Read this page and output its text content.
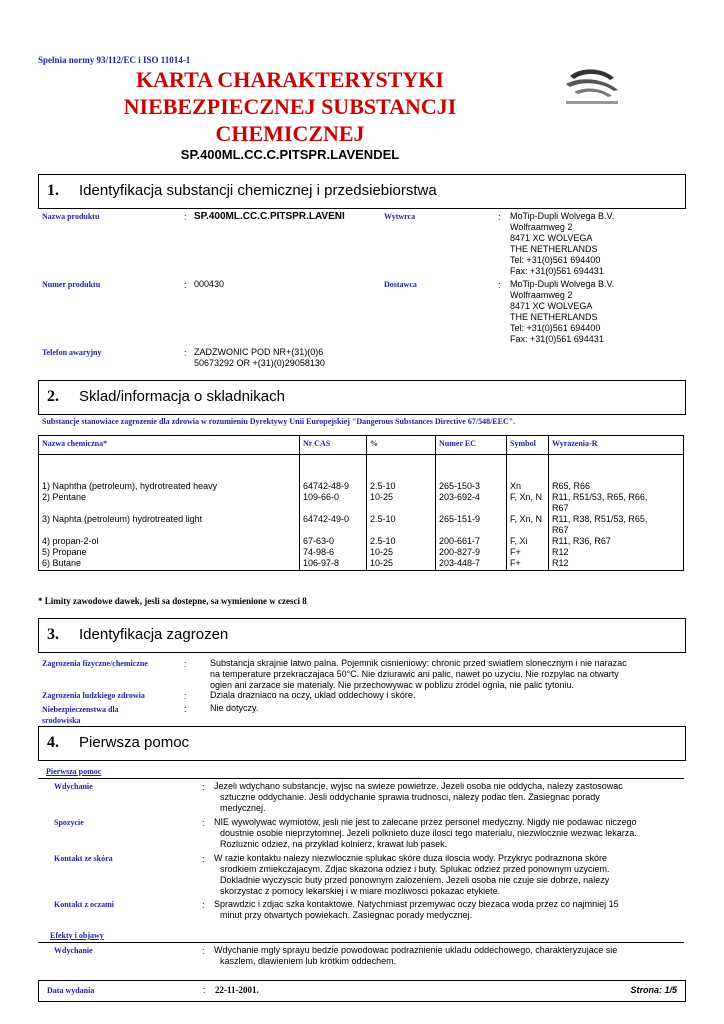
Spelnia normy 93/112/EC i ISO 11014-1
KARTA CHARAKTERYSTYKI
NIEBEZPIECZNEJ SUBSTANCJI
CHEMICZNEJ
SP.400ML.CC.C.PITSPR.LAVENDEL
1. Identyfikacja substancji chemicznej i przedsiebiorstwa
Nazwa produktu	: SP.400ML.CC.C.PITSPR.LAVENI	Wytwrca	: MoTip-Dupli Wolvega B.V.
Wolfraamweg 2
8471 XC WOLVEGA
THE NETHERLANDS
Tel: +31(0)561 694400
Fax: +31(0)561 694431
Numer produktu	: 000430	Dostawca	: MoTip-Dupli Wolvega B.V.
Wolfraamweg 2
8471 XC WOLVEGA
THE NETHERLANDS
Tel: +31(0)561 694400
Fax: +31(0)561 694431
Telefon awaryjny	: ZADZWONIC POD NR+(31)(0)6
50673292 OR +(31)(0)29058130
2. Sklad/informacja o skladnikach
Substancje stanowiace zagrozenie dla zdrowia w rozumieniu Dyrektywy Unii Europejskiej "Dangerous Substances Directive 67/548/EEC".
Nazwa chemiczna*	Nr CAS	%	Numer EC	Symbol	Wyrazenia-R

1) Naphtha (petroleum), hydrotreated heavy	64742-48-9	2.5-10	265-150-3	Xn	R65, R66
2) Pentane	109-66-0	10-25	203-692-4	F, Xn, N	R11, R51/53, R65, R66,
R67

3) Naphta (petroleum) hydrotreated light	64742-49-0	2.5-10	265-151-9	F, Xn, N	R11, R38, R51/53, R65,
R67

4) propan-2-ol	67-63-0	2.5-10	200-661-7	F, Xi	R11, R36, R67
5) Propane	74-98-6	10-25	200-827-9	F+	R12
6) Butane	106-97-8	10-25	203-448-7	F+	R12
* Limity zawodowe dawek, jesli sa dostepne, sa wymienione w czesci 8
3. Identyfikacja zagrozen
Zagrozenia fizyczne/chemiczne	:	Substancja skrajnie latwo palna. Pojemnik cisnieniowy: chronic przed swiatlem slonecznym i nie narazac
na temperature przekraczajaca 50°C. Nie dziurawic ani palic, nawet po uzyciu. Nie rozpylac na otwarty
ogien ani zarzace sie materialy. Nie przechowywac w poblizu zródel ognia, nie palic tytoniu.
Zagrozenia ludzkiego zdrowia	:	Dziala drazniaco na oczy, uklad oddechowy i skóre.
Niebezpieczenstwa dla
srodowiska
:	Nie dotyczy.
4. Pierwsza pomoc
Pierwsza pomoc
Wdychanie	: Jezeli wdychano substancje, wyjsc na swieze powietrze. Jezeli osoba nie oddycha, nalezy zastosowac
sztuczne oddychanie. Jesli oddychanie sprawia trudnosci, nalezy podac tlen. Zasiegnac porady
medycznej.
Spozycie	: NIE wywolywac wymiotów, jesli nie jest to zalecane przez personel medyczny. Nigdy nie podawac niczego
doustnie osobie nieprzytomnej. Jezeli polknieto duze ilosci tego materialu, niezwlocznie wezwac lekarza.
Rozluznic odziez, na przyklad kolnierz, krawat lub pasek.
Kontakt ze skóra	: W razie kontaktu nalezy niezwlocznie splukac skóre duza iloscia wody. Przykryc podraznona skóre
srodkiem zmiekczajacym. Zdjac skazona odziez i buty. Splukac odziez przed ponownym uzyciem.
Dokladnie wyczyscic buty przed ponownym zalozeniem. Jezeli osoba nie czuje sie dobrze, nalezy
skorzystac z pomocy lekarskiej i w miare mozliwosci pokazac etykiete.
Kontakt z oczami	: Sprawdzic i zdjac szka kontaktowe. Natychmiast przemywac oczy biezaca woda przez co najmniej 15
minut przy otwartych powiekach. Zasiegnac porady medycznej.
Efekty i objawy
Wdychanie	: Wdychanie mgly sprayu bedzie powodowac podraznienie ukladu oddechowego, charakteryzujace sie
kaszlem, dlawieniem lub krótkim oddechem.
Data wydania	: 22-11-2001.	Strona: 1/5
